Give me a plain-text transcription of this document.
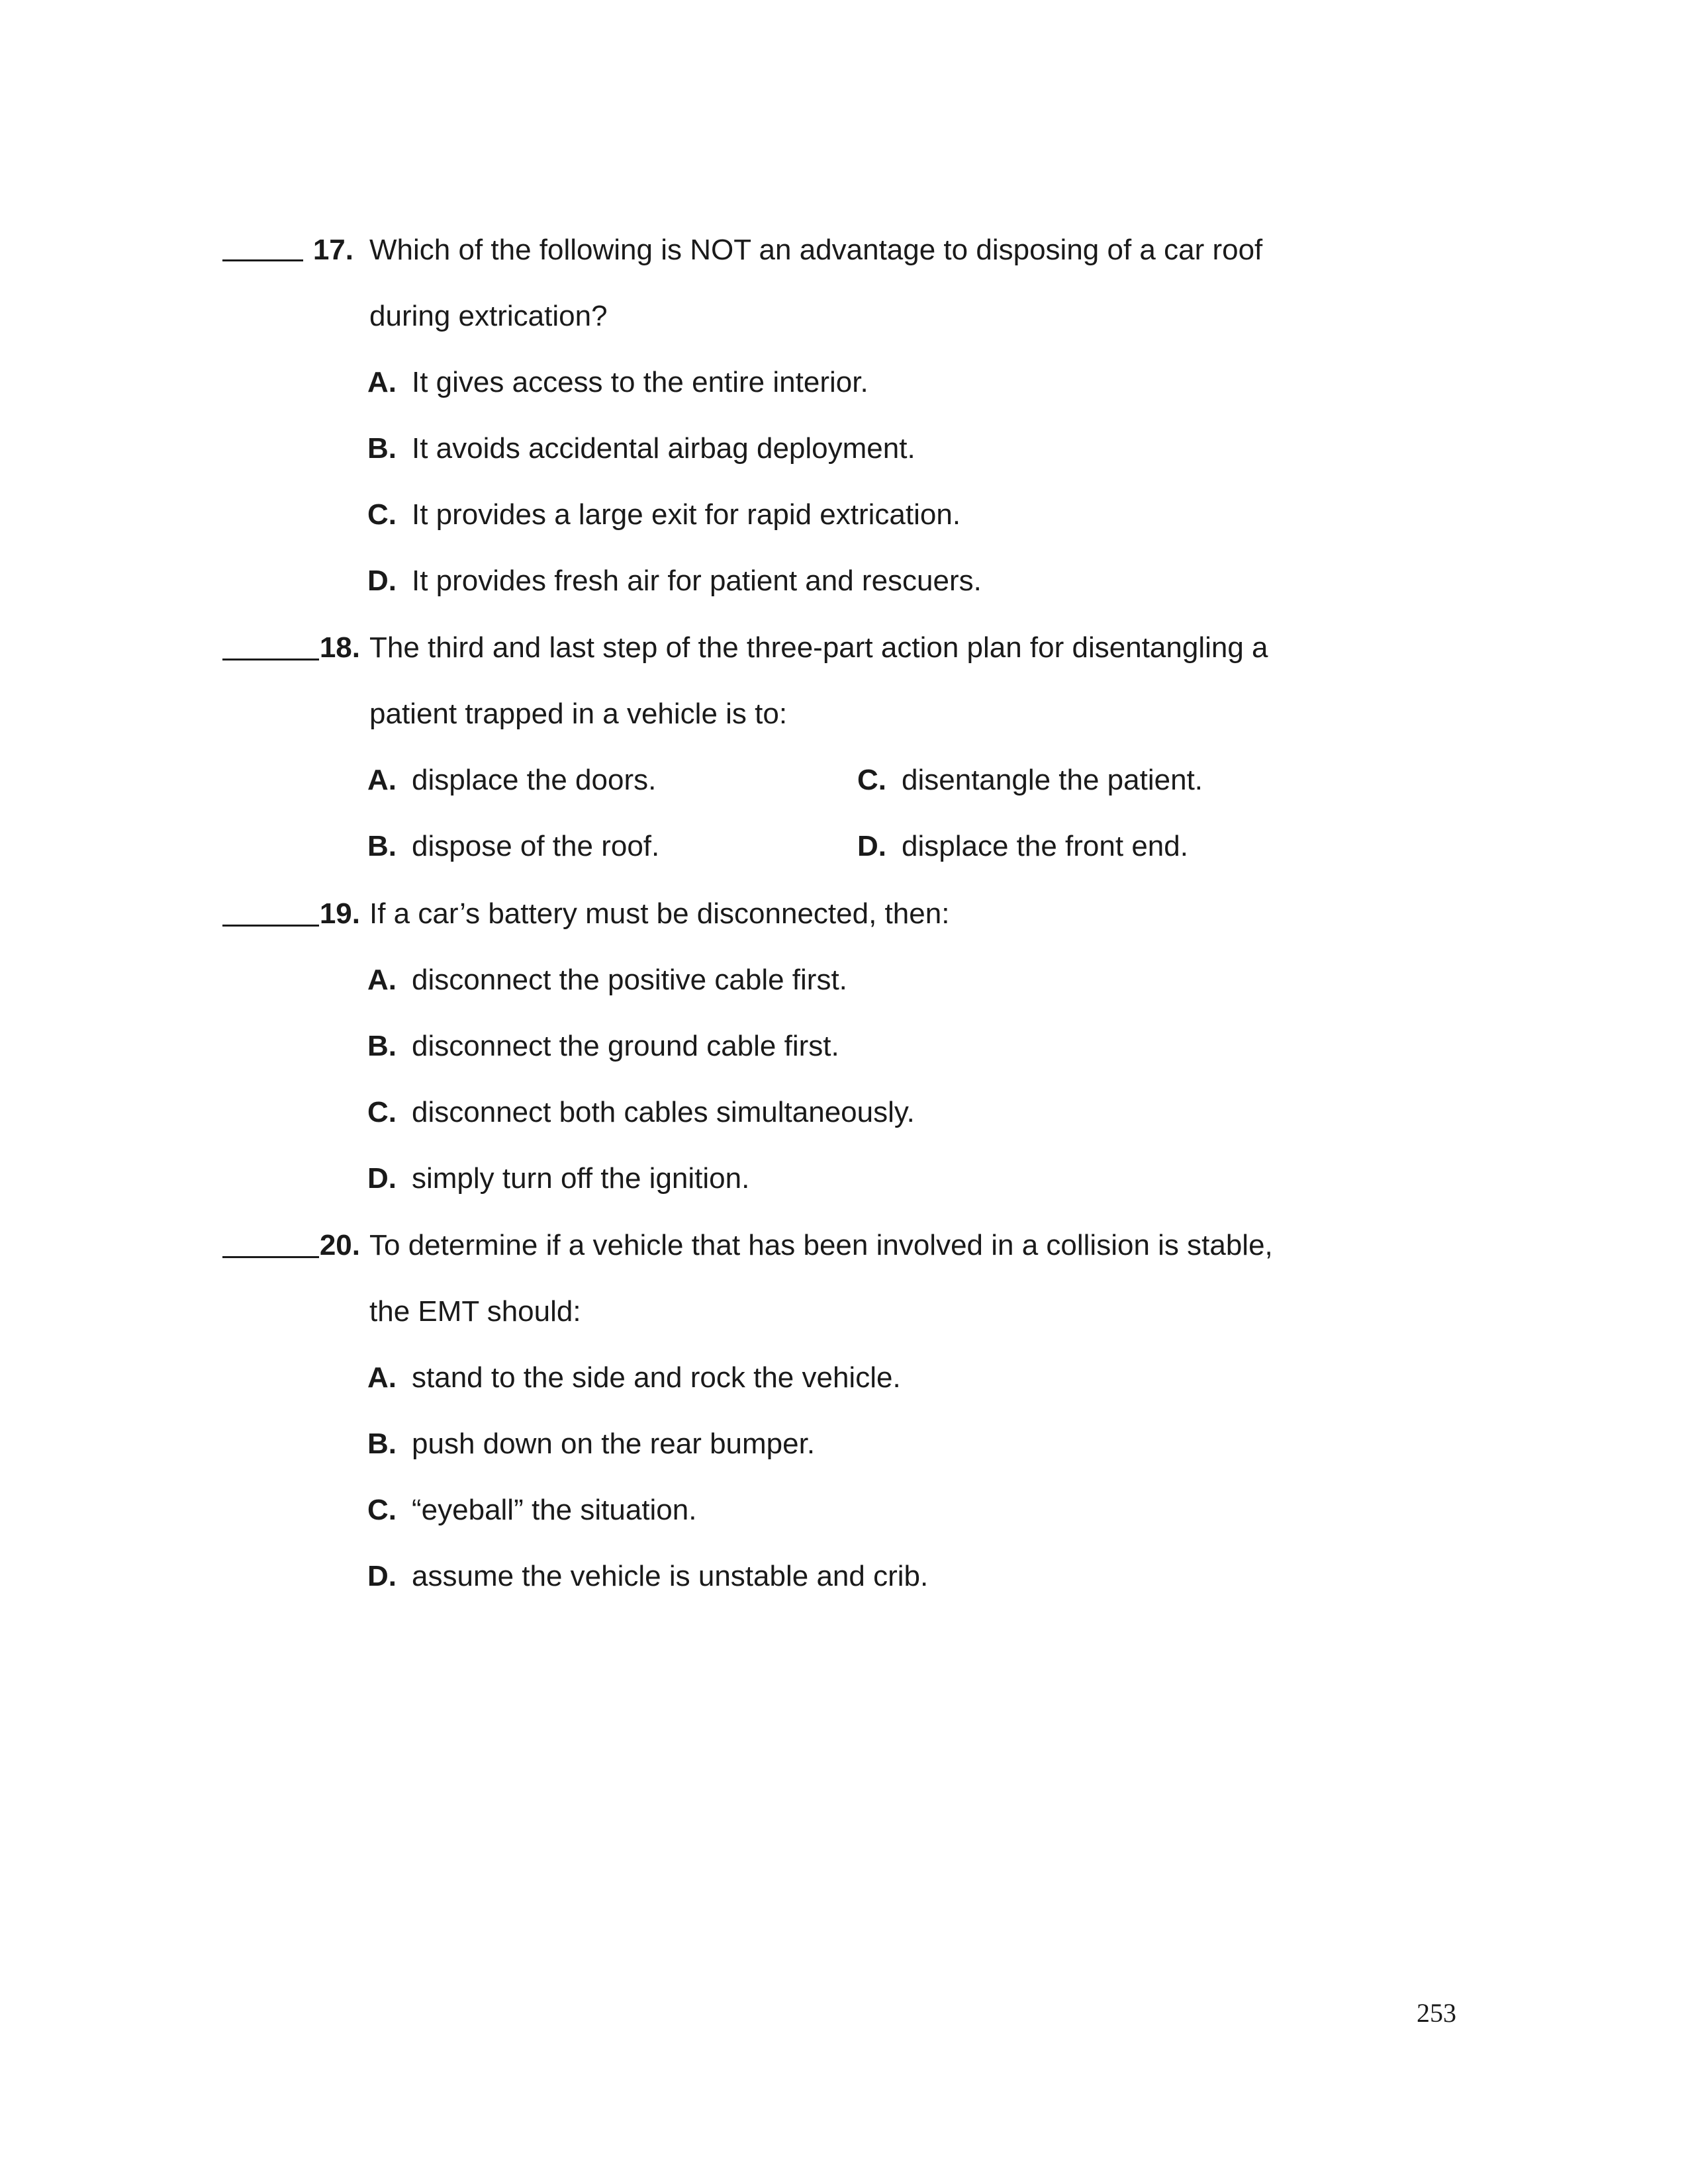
17. Which of the following is NOT an advantage to disposing of a car roof
during extrication?
A. It gives access to the entire interior.
B. It avoids accidental airbag deployment.
C. It provides a large exit for rapid extrication.
D. It provides fresh air for patient and rescuers.
18. The third and last step of the three-part action plan for disentangling a
patient trapped in a vehicle is to:
A. displace the doors.	C. disentangle the patient.
B. dispose of the roof.	D. displace the front end.
19. If a car’s battery must be disconnected, then:
A. disconnect the positive cable first.
B. disconnect the ground cable first.
C. disconnect both cables simultaneously.
D. simply turn off the ignition.
20. To determine if a vehicle that has been involved in a collision is stable,
the EMT should:
A. stand to the side and rock the vehicle.
B. push down on the rear bumper.
C. “eyeball” the situation.
D. assume the vehicle is unstable and crib.
253
